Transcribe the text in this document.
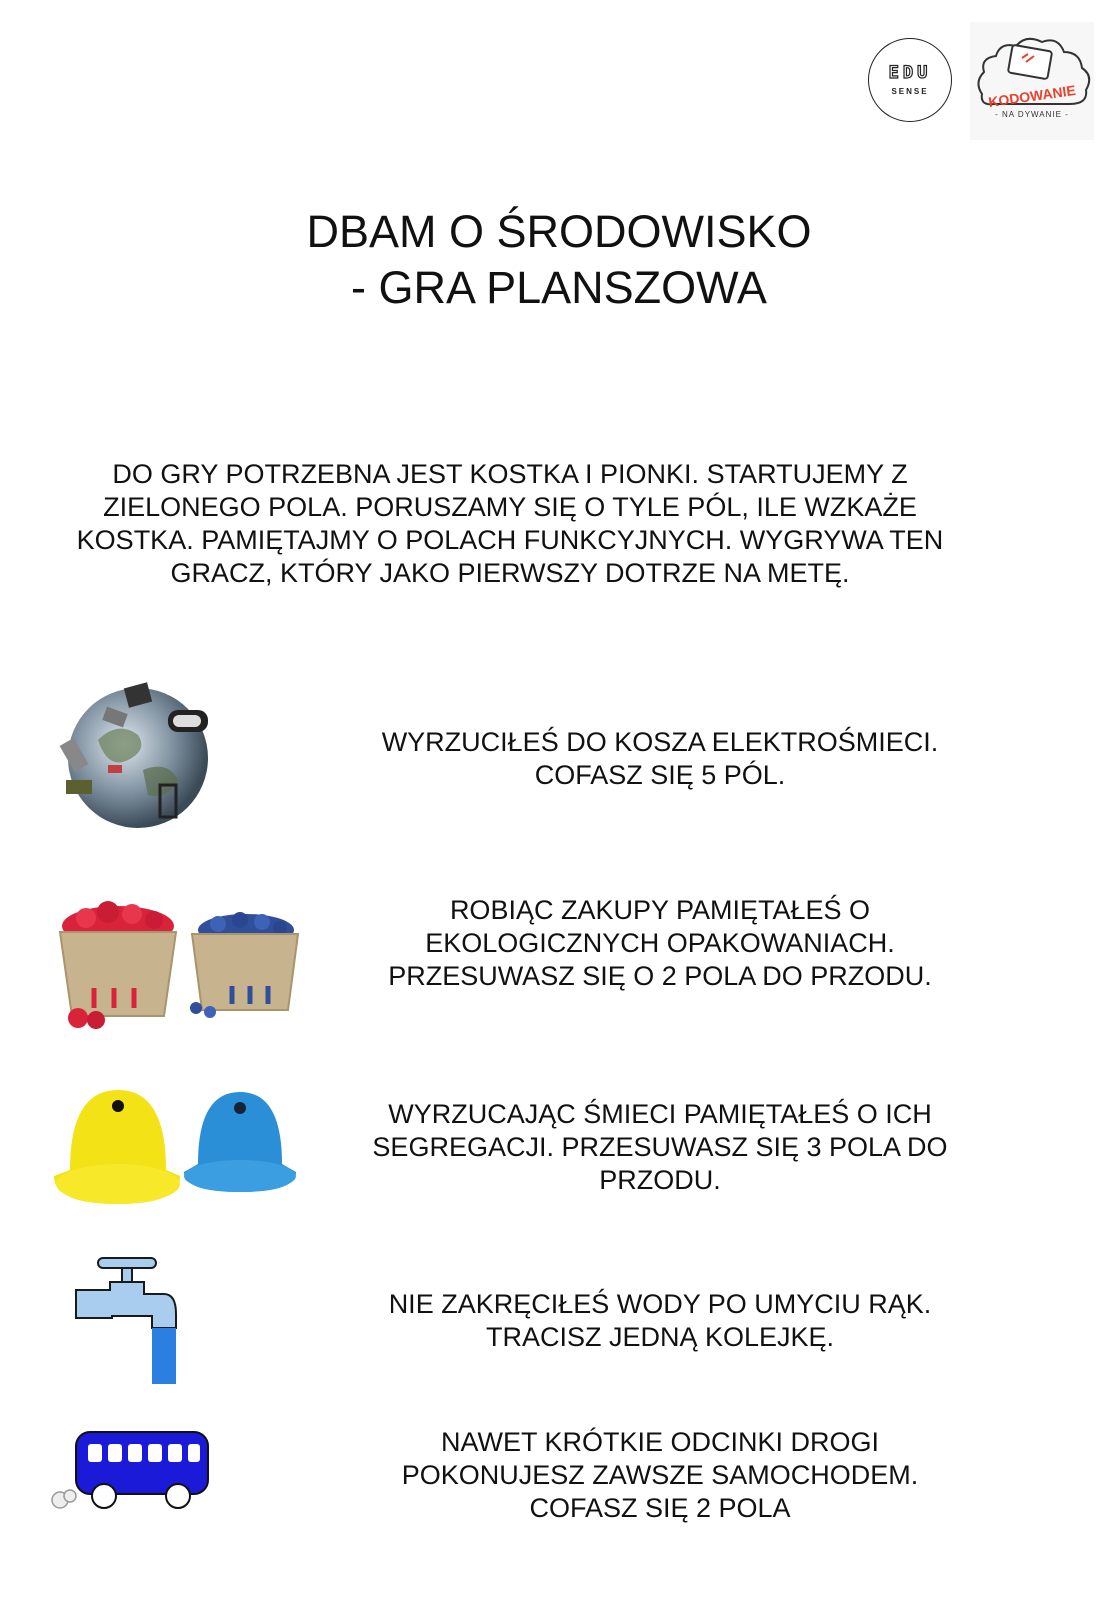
EDU
SENSE	KODOWANIE
- NA DYWANIE -
DBAM O ŚRODOWISKO
- GRA PLANSZOWA
DO GRY POTRZEBNA JEST KOSTKA I PIONKI. STARTUJEMY Z ZIELONEGO POLA. PORUSZAMY SIĘ O TYLE PÓL, ILE WZKAŻE KOSTKA. PAMIĘTAJMY O POLACH FUNKCYJNYCH. WYGRYWA TEN GRACZ, KTÓRY JAKO PIERWSZY DOTRZE NA METĘ.
WYRZUCIŁEŚ DO KOSZA ELEKTROŚMIECI. COFASZ SIĘ 5 PÓL.
ROBIĄC ZAKUPY PAMIĘTAŁEŚ O EKOLOGICZNYCH OPAKOWANIACH. PRZESUWASZ SIĘ O 2 POLA DO PRZODU.
WYRZUCAJĄC ŚMIECI PAMIĘTAŁEŚ O ICH SEGREGACJI. PRZESUWASZ SIĘ 3 POLA DO PRZODU.
NIE ZAKRĘCIŁEŚ WODY PO UMYCIU RĄK. TRACISZ JEDNĄ KOLEJKĘ.
NAWET KRÓTKIE ODCINKI DROGI POKONUJESZ ZAWSZE SAMOCHODEM. COFASZ SIĘ 2 POLA
